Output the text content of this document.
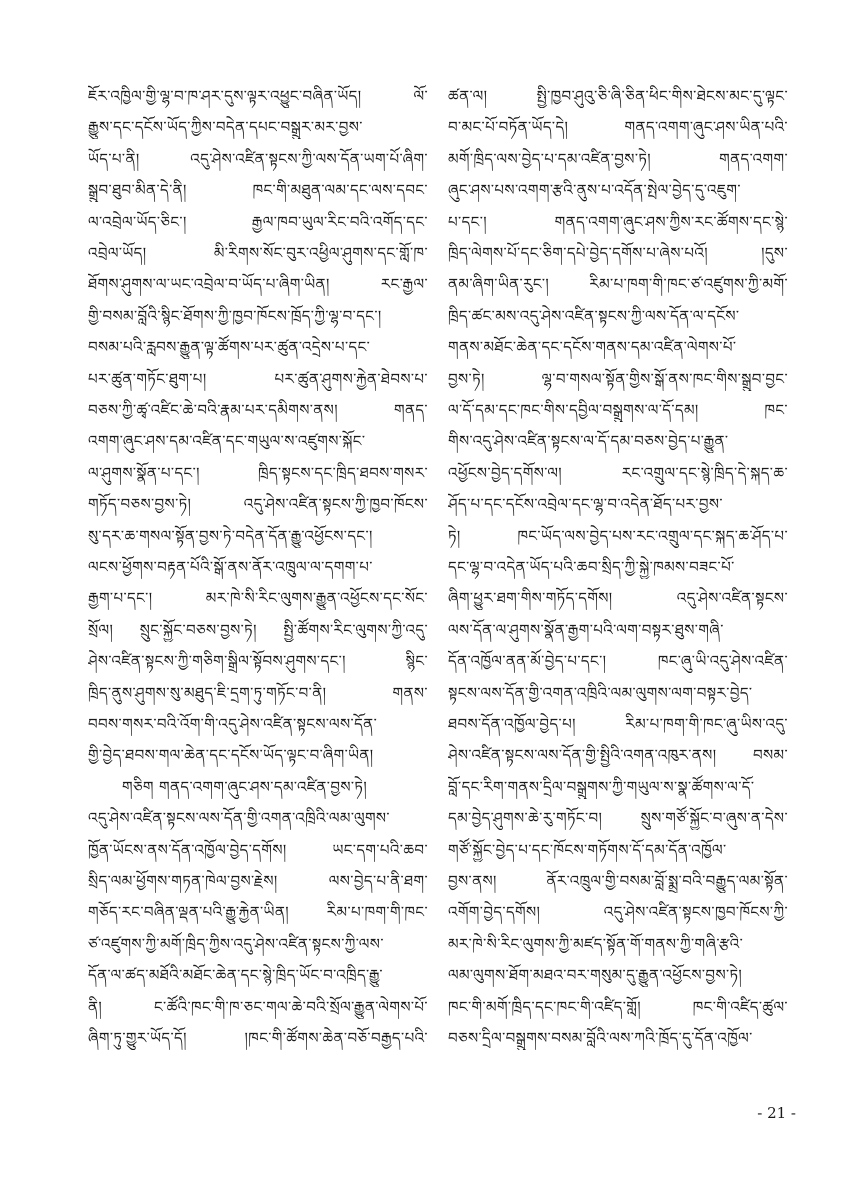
ཇོར་འཁྱིལ་གྱི་ལྷ་བ་ཁ་ཤར་དུས་ལྟར་འཕྱུང་བཞིན་ཡོད། ལོ་
རྒྱུས་དང་དངོས་ཡོད་ཀྱིས་བདེན་དཔང་བསྒྲུར་མར་བྱས་
ཡོད་པ་ནི། འདུ་ཤེས་འཛིན་སྟངས་ཀྱི་ལས་དོན་ཡག་པོ་ཞིག་
སྒྲུབ་ཐུབ་མིན་དེ་ནི། ཁང་གི་མཐུན་ལམ་དང་ལས་དབང་
ལ་འབྲེལ་ཡོད་ཅིང་། རྒྱལ་ཁབ་ཡུལ་རིང་བའི་འགོད་དང་
འབྲེལ་ཡོད། མི་རིགས་སོང་བུར་འཕྱིལ་ཤུགས་དང་གློ་ཁ་
ཐོགས་ཤུགས་ལ་ཡང་འབྲེལ་བ་ཡོད་པ་ཞིག་ཡིན། རང་རྒྱལ་
གྱི་བསམ་བློའི་སྙིང་ཐོགས་ཀྱི་ཁྱབ་ཁོངས་ཁྲོད་ཀྱི་ལྷ་བ་དང་།
བསམ་པའི་རླབས་རྒྱུན་ལྟ་ཚོགས་པར་ཚུན་འདྲེས་པ་དང་
པར་ཚུན་གཏོང་ཐུག་པ། པར་ཚུན་ཤུགས་རྐྱེན་ཐེབས་པ་
བཅས་ཀྱི་ཚྭ་འཛིང་ཆེ་བའི་རྣམ་པར་དམིགས་ནས། གནད་
འགག་ཞུང་ཤས་དམ་འཛིན་དང་གཡུལ་ས་འཛུགས་སྐོང་
ལ་ཤུགས་སྣོན་པ་དང་། ཁྲིད་སྟངས་དང་ཁྲིད་ཐབས་གསར་
གཏོད་བཅས་བྱས་ཏེ། འདུ་ཤེས་འཛིན་སྟངས་ཀྱི་ཁྱབ་ཁོངས་
སུ་དར་ཆ་གསལ་སྟོན་བྱས་ཏེ་བདེན་དོན་རྒྱུ་འཕྱོངས་དང་།
ལངས་ཕྱོགས་བརྟན་པོའི་སྒོ་ནས་ནོར་འཁྲུལ་ལ་དགག་པ་
རྒྱག་པ་དང་། མར་ཁེ་སི་རིང་ལུགས་རྒྱུན་འཕྱོངས་དང་སོང་
སྲོལ། སྲུང་སྐྱོང་བཅས་བྱས་ཏེ། སྤྱི་ཚོགས་རིང་ལུགས་ཀྱི་འདུ་
ཤེས་འཛིན་སྟངས་ཀྱི་གཅིག་སྒྲིལ་སྟོབས་ཤུགས་དང་། སྙིང་
ཁྲིད་ནུས་ཤུགས་སུ་མཐུད་ཇི་དྲག་ཏུ་གཏོང་བ་ནི། གནས་
བབས་གསར་བའི་འོག་གི་འདུ་ཤེས་འཛིན་སྟངས་ལས་དོན་
གྱི་བྱེད་ཐབས་གལ་ཆེན་དང་དངོས་ཡོད་ལྟང་བ་ཞིག་ཡིན།
གཅིག གནད་འགག་ཞུང་ཤས་དམ་འཛིན་བྱས་ཏེ།
འདུ་ཤེས་འཛིན་སྟངས་ལས་དོན་གྱི་འགན་འཁྲིའི་ལམ་ལུགས་
ཁྱོན་ཡོངས་ནས་དོན་འཁྱོལ་བྱེད་དགོས། ཡང་དག་པའི་ཆབ་
སྲིད་ལམ་ཕྱོགས་གཏན་ཁེལ་བྱས་རྗེས། ལས་བྱེད་པ་ནི་ཐག་
གཅོད་རང་བཞིན་ལྡན་པའི་རྒྱུ་རྐྱེན་ཡིན། རིམ་པ་ཁག་གི་ཁང་
ཙ་འཛུགས་ཀྱི་མགོ་ཁྲིད་ཀྱིས་འདུ་ཤེས་འཛིན་སྟངས་ཀྱི་ལས་
དོན་ལ་ཚད་མཐོའི་མཐོང་ཆེན་དང་སྙེ་ཁྲིད་ཡོང་བ་འཁྲིད་རྒྱུ་
ནི། ང་ཚོའི་ཁང་གི་ཁ་ཅང་གལ་ཆེ་བའི་སྲོལ་རྒྱུན་ལེགས་པོ་
ཞིག་ཏུ་གྱུར་ཡོད་དོ། །ཁང་གི་ཚོགས་ཆེན་བཅོ་བརྒྱད་པའི་
ཚན་ལ། སྤྱི་ཁྱབ་ཤུའུ་ཅི་ཞི་ཅིན་ཕིང་གིས་ཐེངས་མང་དུ་ལྟང་
བ་མང་པོ་བཏོན་ཡོད་དེ། གནད་འགག་ཞུང་ཤས་ཡིན་པའི་
མགོ་ཁྲིད་ལས་བྱེད་པ་དམ་འཛིན་བྱས་ཏེ། གནད་འགག་
ཞུང་ཤས་པས་འགག་རྩའི་ནུས་པ་འདོན་སྤེལ་བྱེད་དུ་འཇུག་
པ་དང་། གནད་འགག་ཞུང་ཤས་ཀྱིས་རང་ཚོགས་དང་སྙེ་
ཁྲིད་ལེགས་པོ་དང་ཅིག་དཔེ་བྱེད་དགོས་པ་ཞེས་པའོ། །དུས་
ནམ་ཞིག་ཡིན་རུང་། རིམ་པ་ཁག་གི་ཁང་ཙ་འཛུགས་ཀྱི་མགོ་
ཁྲིད་ཚང་མས་འདུ་ཤེས་འཛིན་སྟངས་ཀྱི་ལས་དོན་ལ་དངོས་
གནས་མཐོང་ཆེན་དང་དངོས་གནས་དམ་འཛིན་ལེགས་པོ་
བྱས་ཏེ། ལྷ་བ་གསལ་སྟོན་གྱིས་སྒོ་ནས་ཁང་གིས་སྒྲུབ་བྱང་
ལ་དོ་དམ་དང་ཁང་གིས་དབྱིལ་བསྒྲུགས་ལ་དོ་དམ། ཁང་
གིས་འདུ་ཤེས་འཛིན་སྟངས་ལ་དོ་དམ་བཅས་བྱེད་པ་རྒྱུན་
འཕྱོངས་བྱེད་དགོས་ལ། རང་འགྲུལ་དང་སྙེ་ཁྲིད་དེ་སྐད་ཆ་
ཤོད་པ་དང་དངོས་འབྲེལ་དང་ལྷ་བ་འདེན་ཐོད་པར་བྱས་
ཏེ། ཁང་ཡོད་ལས་བྱེད་པས་རང་འགྲུལ་དང་སྐད་ཆ་ཤོད་པ་
དང་ལྷ་བ་འདེན་ཡོད་པའི་ཆབ་སྲིད་ཀྱི་སྐྱེ་ཁམས་བཟང་པོ་
ཞིག་ཕྱུར་ཐག་གིས་གཏོད་དགོས། འདུ་ཤེས་འཛིན་སྟངས་
ལས་དོན་ལ་ཤུགས་སྣོན་རྒྱག་པའི་ལག་བསྟར་ཐུས་གཞི་
དོན་འཁྱོལ་ནན་མོ་བྱེད་པ་དང་། ཁང་ཞུ་ཡི་འདུ་ཤེས་འཛིན་
སྟངས་ལས་དོན་གྱི་འགན་འཁྲིའི་ལམ་ལུགས་ལག་བསྟར་བྱེད་
ཐབས་དོན་འཁྱོལ་བྱེད་པ། རིམ་པ་ཁག་གི་ཁང་ཞུ་ཡིས་འདུ་
ཤེས་འཛིན་སྟངས་ལས་དོན་གྱི་སྤྱིའི་འགན་འཁུར་ནས། བསམ་
བློ་དང་རིག་གནས་དྲིལ་བསྒྲུགས་ཀྱི་གཡུལ་ས་སྣ་ཚོགས་ལ་དོ་
དམ་བྱེད་ཤུགས་ཆེ་རུ་གཏོང་བ། སྲུས་གཙོ་སྐྱོང་བ་ཞུས་ན་དེས་
གཙོ་སྐྱོང་བྱེད་པ་དང་ཁོངས་གཏོགས་དོ་དམ་དོན་འཁྱོལ་
བྱས་ནས། ནོར་འཁྲུལ་གྱི་བསམ་བློ་སྨྲ་བའི་བརྒྱུད་ལམ་སྟོན་
འགོག་བྱེད་དགོས། འདུ་ཤེས་འཛིན་སྟངས་ཁྱབ་ཁོངས་ཀྱི་
མར་ཁེ་སི་རིང་ལུགས་ཀྱི་མཛད་སྟོན་གོ་གནས་ཀྱི་གཞི་རྩའི་
ལམ་ལུགས་ཐོག་མཐའ་བར་གསུམ་དུ་རྒྱུན་འཕྱོངས་བྱས་ཏེ།
ཁང་གི་མགོ་ཁྲིད་དང་ཁང་གི་འཛིད་གློ། ཁང་གི་འཛིད་ཚུལ་
བཅས་དྲིལ་བསྒྲུགས་བསམ་བློའི་ལས་ཀའི་ཁྲོད་དུ་དོན་འཁྱོལ་
- 21 -
